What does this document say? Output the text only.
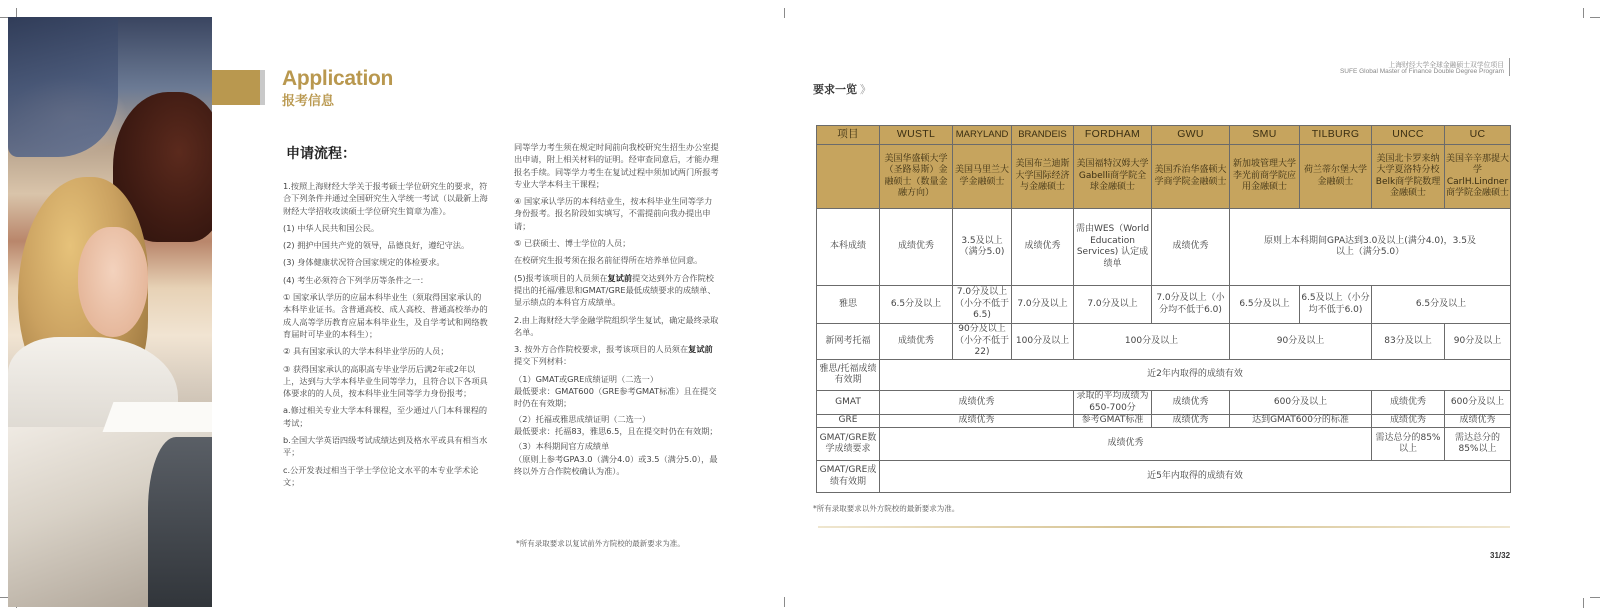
Application
报考信息
申请流程：

1.按照上海财经大学关于报考硕士学位研究生的要求，符合下列条件并通过全国研究生入学统一考试（以最新上海财经大学招收攻读硕士学位研究生简章为准）。

(1) 中华人民共和国公民。

(2) 拥护中国共产党的领导，品德良好，遵纪守法。

(3) 身体健康状况符合国家规定的体检要求。

(4) 考生必须符合下列学历等条件之一：

① 国家承认学历的应届本科毕业生（须取得国家承认的本科毕业证书。含普通高校、成人高校、普通高校举办的成人高等学历教育应届本科毕业生，及自学考试和网络教育届时可毕业的本科生）；

② 具有国家承认的大学本科毕业学历的人员；

③ 获得国家承认的高职高专毕业学历后满2年或2年以上，达到与大学本科毕业生同等学力，且符合以下各项具体要求的的人员，按本科毕业生同等学力身份报考；

a.修过相关专业大学本科课程，至少通过八门本科课程的考试；

b.全国大学英语四级考试成绩达到及格水平或具有相当水平；

c.公开发表过相当于学士学位论文水平的本专业学术论文；

同等学力考生须在规定时间前向我校研究生招生办公室提出申请，附上相关材料的证明。经审查同意后，才能办理报名手续。同等学力考生在复试过程中须加试两门所报考专业大学本科主干课程；

④ 国家承认学历的本科结业生，按本科毕业生同等学力身份报考。报名阶段如实填写，不需提前向我办提出申请；

⑤ 已获硕士、博士学位的人员；

在校研究生报考须在报名前征得所在培养单位同意。

(5)报考该项目的人员须在复试前提交达到外方合作院校提出的托福/雅思和GMAT/GRE最低成绩要求的成绩单、显示绩点的本科官方成绩单。

2.由上海财经大学金融学院组织学生复试，确定最终录取名单。

3. 按外方合作院校要求，报考该项目的人员须在复试前提交下列材料：

（1）GMAT或GRE成绩证明（二选一）
最低要求：GMAT600（GRE参考GMAT标准）且在提交时仍在有效期；

（2）托福或雅思成绩证明（二选一）
最低要求：托福83，雅思6.5，且在提交时仍在有效期；

（3）本科期间官方成绩单
（原则上参考GPA3.0（满分4.0）或3.5（满分5.0），最终以外方合作院校确认为准）。

*所有录取要求以复试前外方院校的最新要求为准。
上海财经大学全球金融硕士双学位项目
SUFE Global Master of Finance Double Degree Program
要求一览 》
项目	WUSTL	MARYLAND	BRANDEIS	FORDHAM	GWU	SMU	TILBURG	UNCC	UC
	美国华盛顿大学（圣路易斯）金融硕士（数量金融方向）	美国马里兰大学金融硕士	美国布兰迪斯大学国际经济与金融硕士	美国福特汉姆大学Gabelli商学院全球金融硕士	美国乔治华盛顿大学商学院金融硕士	新加坡管理大学李光前商学院应用金融硕士	荷兰蒂尔堡大学金融硕士	美国北卡罗来纳大学夏洛特分校Belk商学院数理金融硕士	美国辛辛那提大学CarlH.Lindner商学院金融硕士
本科成绩	成绩优秀	3.5及以上（满分5.0)	成绩优秀	需由WES（World Education Services) 认定成绩单	成绩优秀	原则上本科期间GPA达到3.0及以上(满分4.0)，3.5及以上（满分5.0）			
雅思	6.5分及以上	7.0分及以上（小分不低于6.5)	7.0分及以上	7.0分及以上	7.0分及以上（小分均不低于6.0)	6.5分及以上	6.5及以上（小分均不低于6.0)	6.5分及以上	
新网考托福	成绩优秀	90分及以上（小分不低于22)	100分及以上	100分及以上		90分及以上		83分及以上	90分及以上
雅思/托福成绩有效期	近2年内取得的成绩有效								
GMAT	成绩优秀			录取的平均成绩为650-700分	成绩优秀	600分及以上		成绩优秀	600分及以上
GRE	成绩优秀			参考GMAT标准	成绩优秀	达到GMAT600分的标准		成绩优秀	成绩优秀
GMAT/GRE数学成绩要求	成绩优秀							需达总分的85%以上	需达总分的85%以上
GMAT/GRE成绩有效期	近5年内取得的成绩有效								
*所有录取要求以外方院校的最新要求为准。
31/32
